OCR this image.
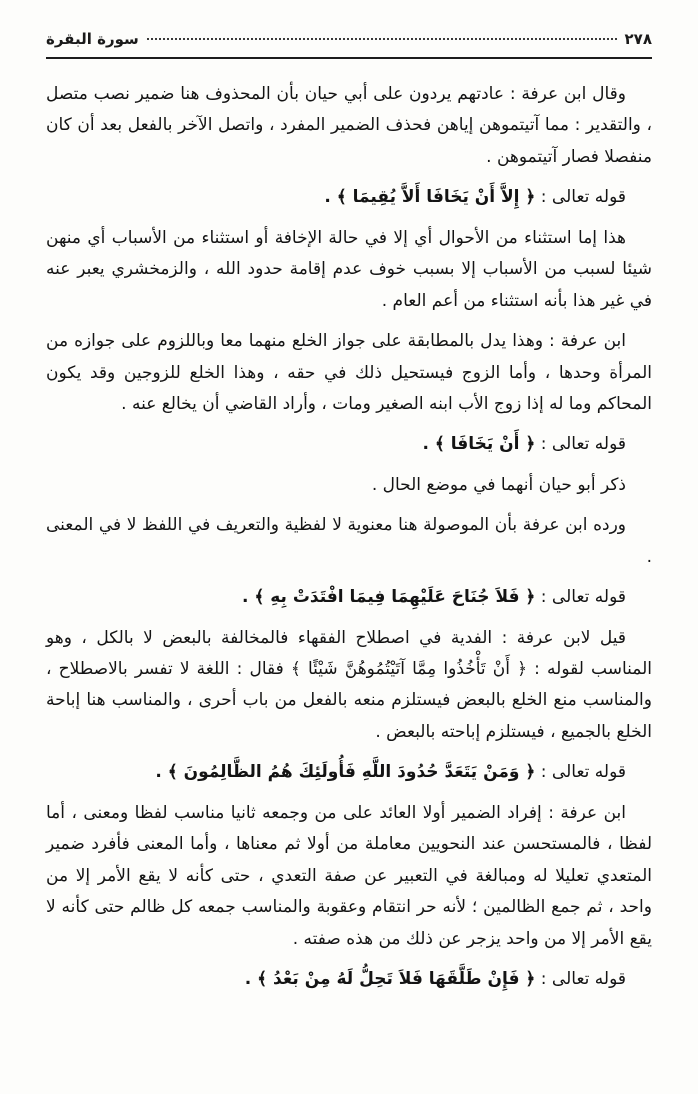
٢٧٨
سورة البقرة

وقال ابن عرفة : عادتهم يردون على أبي حيان بأن المحذوف هنا ضمير نصب متصل ، والتقدير : مما آتيتموهن إياهن فحذف الضمير المفرد ، واتصل الآخر بالفعل بعد أن كان منفصلا فصار آتيتموهن .

قوله تعالى : ﴿ إِلاَّ أَنْ يَخَافَا أَلاَّ يُقِيمَا ﴾ .

هذا إما استثناء من الأحوال أي إلا في حالة الإخافة أو استثناء من الأسباب أي منهن شيئا لسبب من الأسباب إلا بسبب خوف عدم إقامة حدود الله ، والزمخشري يعبر عنه في غير هذا بأنه استثناء من أعم العام .

ابن عرفة : وهذا يدل بالمطابقة على جواز الخلع منهما معا وباللزوم على جوازه من المرأة وحدها ، وأما الزوج فيستحيل ذلك في حقه ، وهذا الخلع للزوجين وقد يكون المحاكم وما له إذا زوج الأب ابنه الصغير ومات ، وأراد القاضي أن يخالع عنه .

قوله تعالى : ﴿ أَنْ يَخَافَا ﴾ .

ذكر أبو حيان أنهما في موضع الحال .

ورده ابن عرفة بأن الموصولة هنا معنوية لا لفظية والتعريف في اللفظ لا في المعنى .

قوله تعالى : ﴿ فَلاَ جُنَاحَ عَلَيْهِمَا فِيمَا افْتَدَتْ بِهِ ﴾ .

قيل لابن عرفة : الفدية في اصطلاح الفقهاء فالمخالفة بالبعض لا بالكل ، وهو المناسب لقوله : ﴿ أَنْ تَأْخُذُوا مِمَّا آتَيْتُمُوهُنَّ شَيْئًا ﴾ فقال : اللغة لا تفسر بالاصطلاح ، والمناسب منع الخلع بالبعض فيستلزم منعه بالفعل من باب أحرى ، والمناسب هنا إباحة الخلع بالجميع ، فيستلزم إباحته بالبعض .

قوله تعالى : ﴿ وَمَنْ يَتَعَدَّ حُدُودَ اللَّهِ فَأُولَئِكَ هُمُ الظَّالِمُونَ ﴾ .

ابن عرفة : إفراد الضمير أولا العائد على من وجمعه ثانيا مناسب لفظا ومعنى ، أما لفظا ، فالمستحسن عند النحويين معاملة من أولا ثم معناها ، وأما المعنى فأفرد ضمير المتعدي تعليلا له ومبالغة في التعبير عن صفة التعدي ، حتى كأنه لا يقع الأمر إلا من واحد ، ثم جمع الظالمين ؛ لأنه حر انتقام وعقوبة والمناسب جمعه كل ظالم حتى كأنه لا يقع الأمر إلا من واحد يزجر عن ذلك من هذه صفته .

قوله تعالى : ﴿ فَإِنْ طَلَّقَهَا فَلاَ تَحِلُّ لَهُ مِنْ بَعْدُ ﴾ .
